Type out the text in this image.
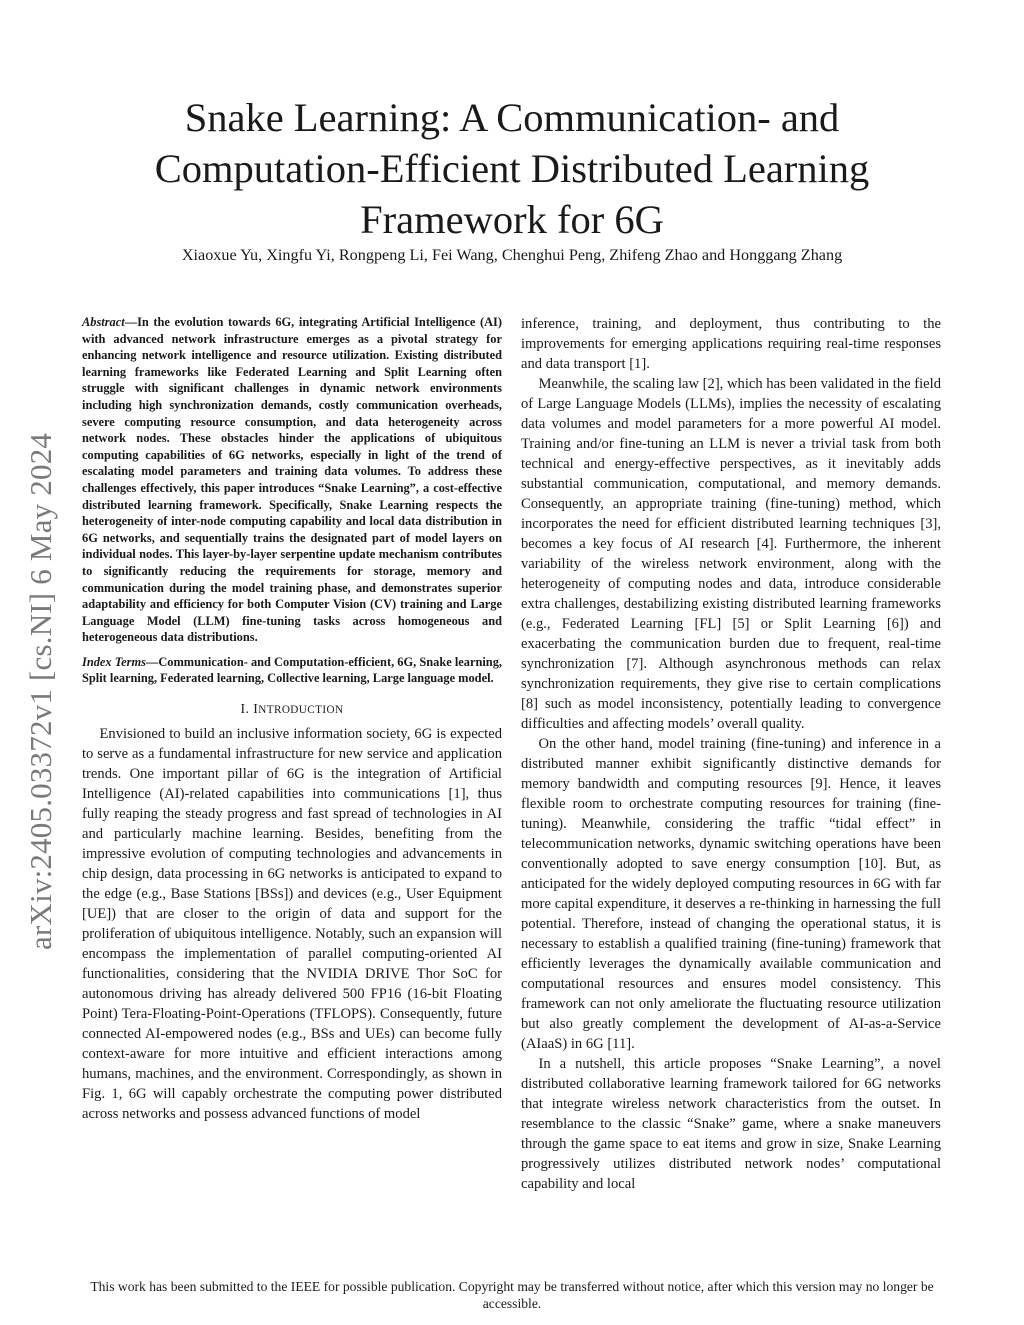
arXiv:2405.03372v1 [cs.NI] 6 May 2024
Snake Learning: A Communication- and
Computation-Efficient Distributed Learning
Framework for 6G
Xiaoxue Yu, Xingfu Yi, Rongpeng Li, Fei Wang, Chenghui Peng, Zhifeng Zhao and Honggang Zhang

Abstract—In the evolution towards 6G, integrating Artificial Intelligence (AI) with advanced network infrastructure emerges as a pivotal strategy for enhancing network intelligence and resource utilization. Existing distributed learning frameworks like Federated Learning and Split Learning often struggle with significant challenges in dynamic network environments including high synchronization demands, costly communication overheads, severe computing resource consumption, and data heterogeneity across network nodes. These obstacles hinder the applications of ubiquitous computing capabilities of 6G networks, especially in light of the trend of escalating model parameters and training data volumes. To address these challenges effectively, this paper introduces “Snake Learning”, a cost-effective distributed learning framework. Specifically, Snake Learning respects the heterogeneity of inter-node computing capability and local data distribution in 6G networks, and sequentially trains the designated part of model layers on individual nodes. This layer-by-layer serpentine update mechanism contributes to significantly reducing the requirements for storage, memory and communication during the model training phase, and demonstrates superior adaptability and efficiency for both Computer Vision (CV) training and Large Language Model (LLM) fine-tuning tasks across homogeneous and heterogeneous data distributions.

Index Terms—Communication- and Computation-efficient, 6G, Snake learning, Split learning, Federated learning, Collective learning, Large language model.

I. INTRODUCTION

Envisioned to build an inclusive information society, 6G is expected to serve as a fundamental infrastructure for new service and application trends. One important pillar of 6G is the integration of Artificial Intelligence (AI)-related capabilities into communications [1], thus fully reaping the steady progress and fast spread of technologies in AI and particularly machine learning. Besides, benefiting from the impressive evolution of computing technologies and advancements in chip design, data processing in 6G networks is anticipated to expand to the edge (e.g., Base Stations [BSs]) and devices (e.g., User Equipment [UE]) that are closer to the origin of data and support for the proliferation of ubiquitous intelligence. Notably, such an expansion will encompass the implementation of parallel computing-oriented AI functionalities, considering that the NVIDIA DRIVE Thor SoC for autonomous driving has already delivered 500 FP16 (16-bit Floating Point) Tera-Floating-Point-Operations (TFLOPS). Consequently, future connected AI-empowered nodes (e.g., BSs and UEs) can become fully context-aware for more intuitive and efficient interactions among humans, machines, and the environment. Correspondingly, as shown in Fig. 1, 6G will capably orchestrate the computing power distributed across networks and possess advanced functions of model

inference, training, and deployment, thus contributing to the improvements for emerging applications requiring real-time responses and data transport [1].

Meanwhile, the scaling law [2], which has been validated in the field of Large Language Models (LLMs), implies the necessity of escalating data volumes and model parameters for a more powerful AI model. Training and/or fine-tuning an LLM is never a trivial task from both technical and energy-effective perspectives, as it inevitably adds substantial communication, computational, and memory demands. Consequently, an appropriate training (fine-tuning) method, which incorporates the need for efficient distributed learning techniques [3], becomes a key focus of AI research [4]. Furthermore, the inherent variability of the wireless network environment, along with the heterogeneity of computing nodes and data, introduce considerable extra challenges, destabilizing existing distributed learning frameworks (e.g., Federated Learning [FL] [5] or Split Learning [6]) and exacerbating the communication burden due to frequent, real-time synchronization [7]. Although asynchronous methods can relax synchronization requirements, they give rise to certain complications [8] such as model inconsistency, potentially leading to convergence difficulties and affecting models’ overall quality.

On the other hand, model training (fine-tuning) and inference in a distributed manner exhibit significantly distinctive demands for memory bandwidth and computing resources [9]. Hence, it leaves flexible room to orchestrate computing resources for training (fine-tuning). Meanwhile, considering the traffic “tidal effect” in telecommunication networks, dynamic switching operations have been conventionally adopted to save energy consumption [10]. But, as anticipated for the widely deployed computing resources in 6G with far more capital expenditure, it deserves a re-thinking in harnessing the full potential. Therefore, instead of changing the operational status, it is necessary to establish a qualified training (fine-tuning) framework that efficiently leverages the dynamically available communication and computational resources and ensures model consistency. This framework can not only ameliorate the fluctuating resource utilization but also greatly complement the development of AI-as-a-Service (AIaaS) in 6G [11].

In a nutshell, this article proposes “Snake Learning”, a novel distributed collaborative learning framework tailored for 6G networks that integrate wireless network characteristics from the outset. In resemblance to the classic “Snake” game, where a snake maneuvers through the game space to eat items and grow in size, Snake Learning progressively utilizes distributed network nodes’ computational capability and local

This work has been submitted to the IEEE for possible publication. Copyright may be transferred without notice, after which this version may no longer be accessible.
